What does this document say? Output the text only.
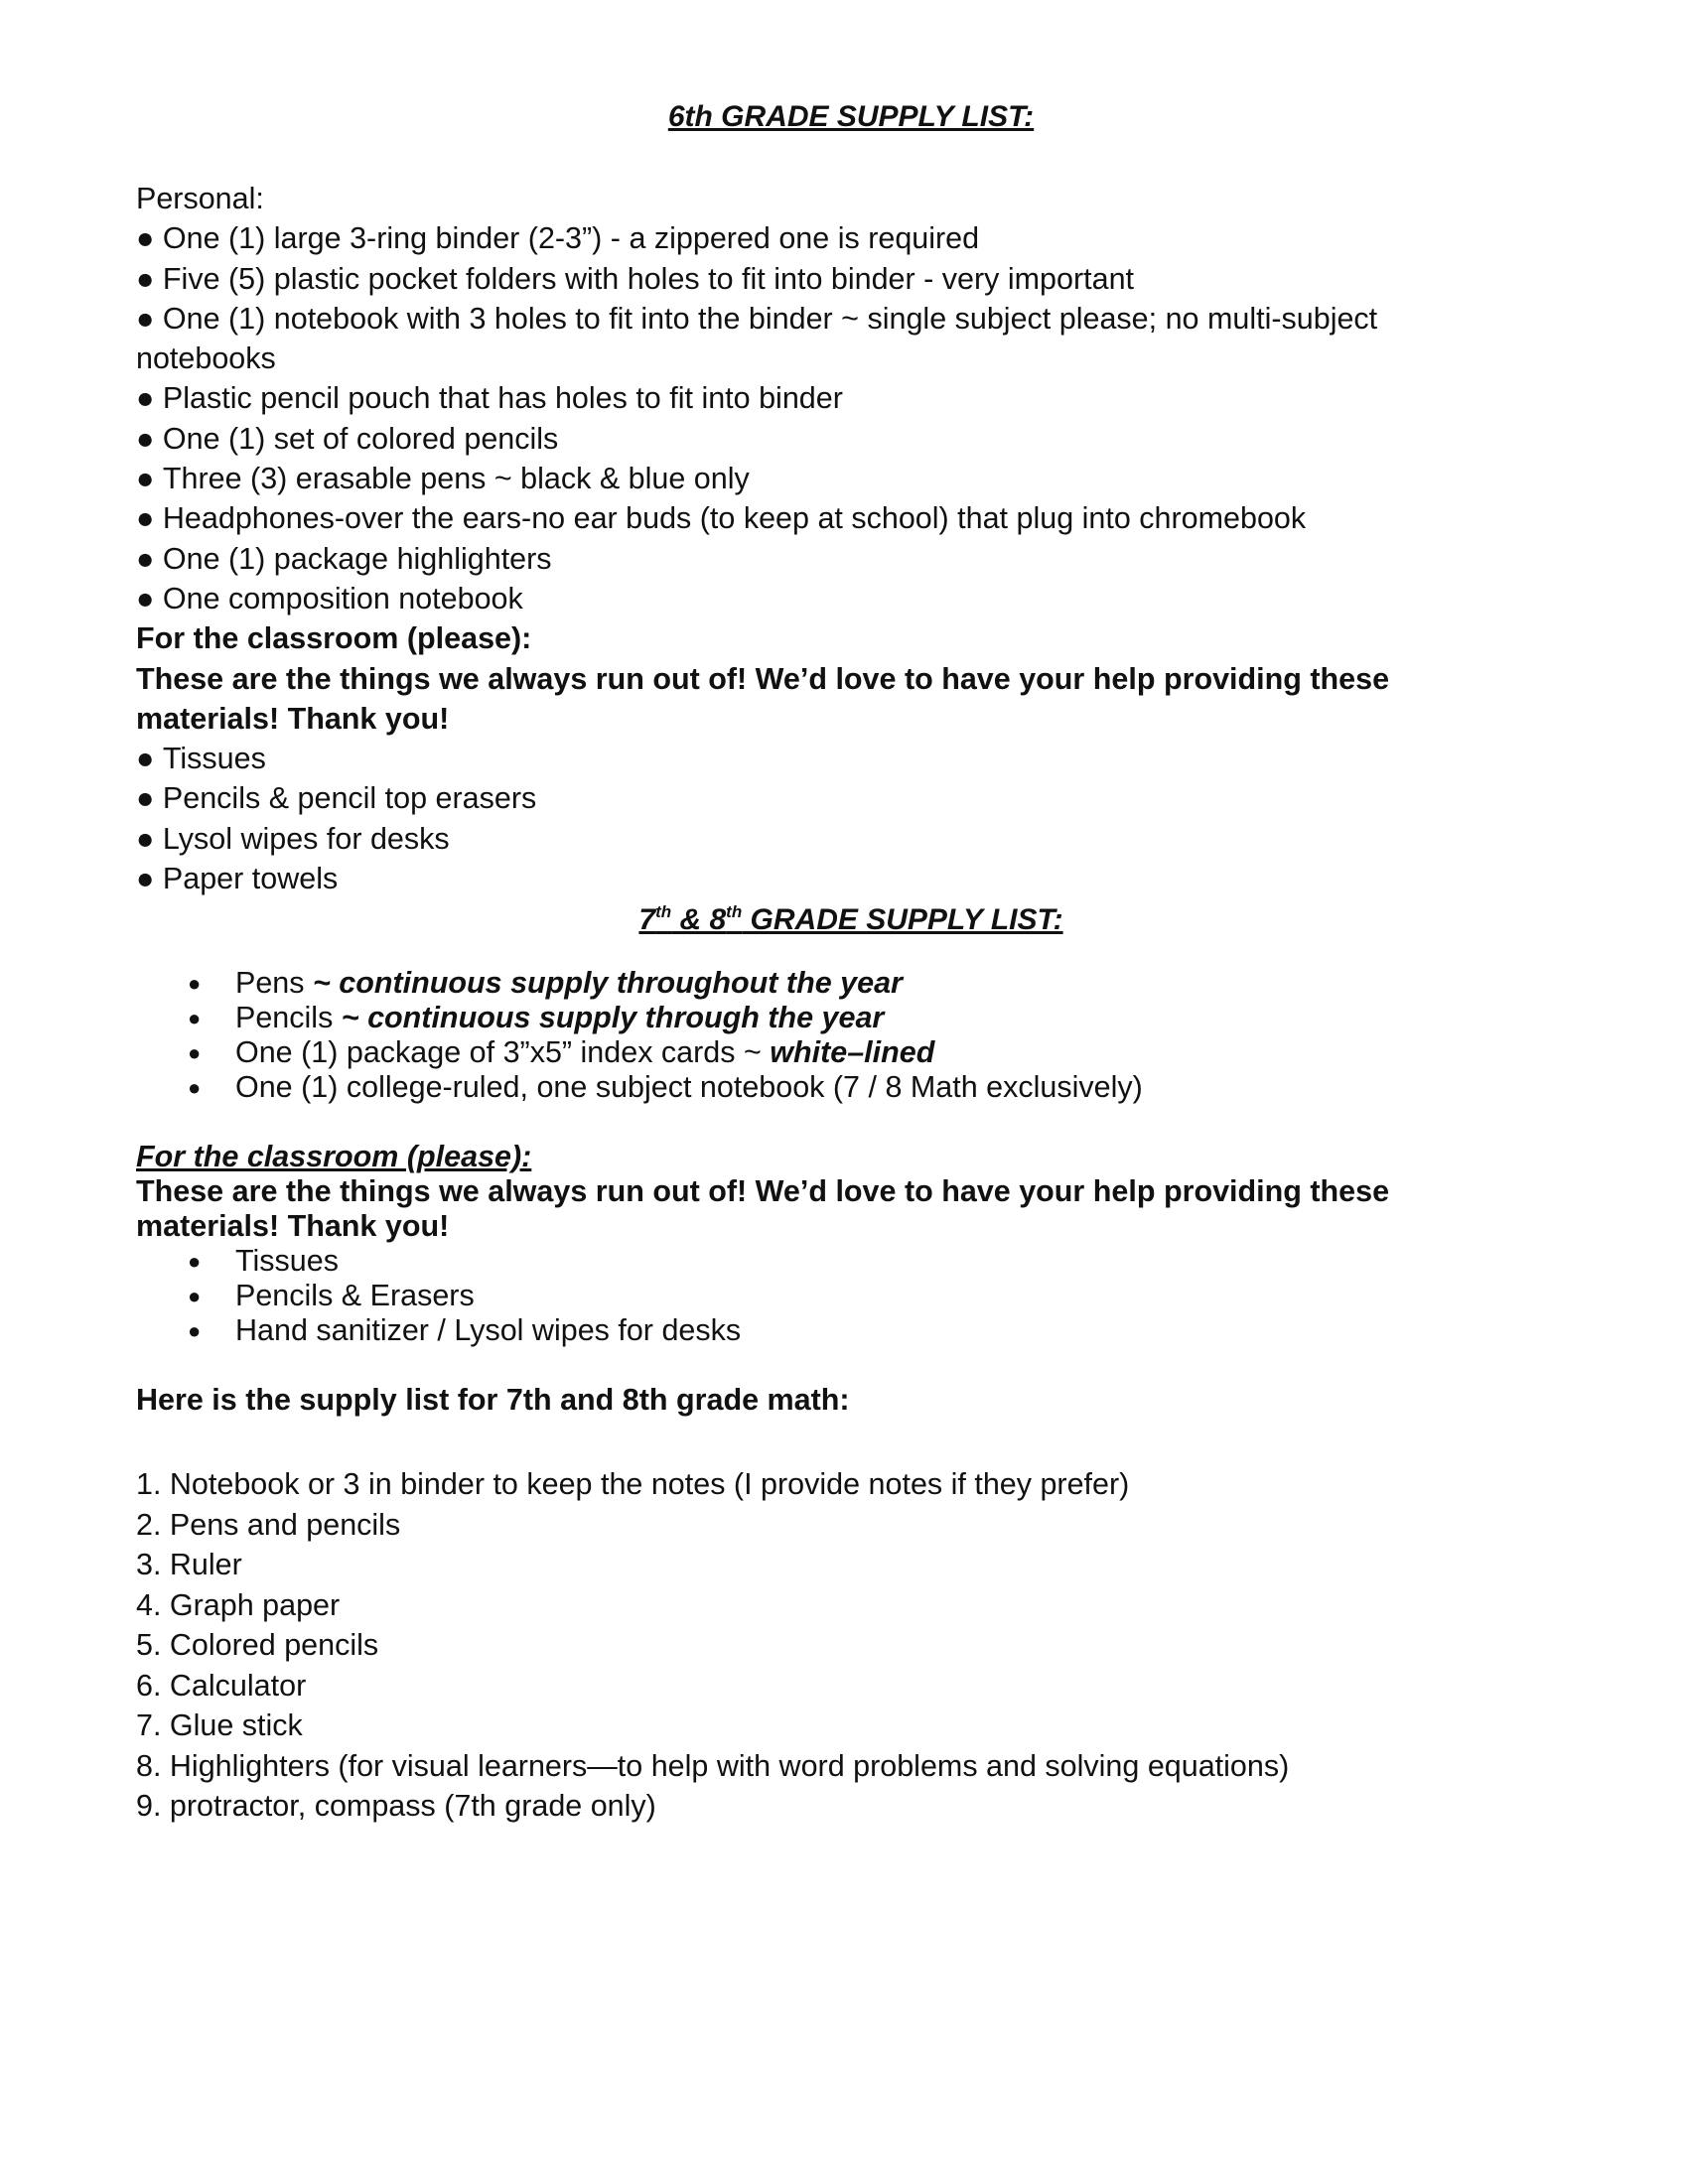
6th GRADE SUPPLY LIST:

Personal:

● One (1) large 3-ring binder (2-3”) - a zippered one is required

● Five (5) plastic pocket folders with holes to fit into binder - very important

● One (1) notebook with 3 holes to fit into the binder ~ single subject please; no multi-subject

notebooks

● Plastic pencil pouch that has holes to fit into binder

● One (1) set of colored pencils

● Three (3) erasable pens ~ black & blue only

● Headphones-over the ears-no ear buds (to keep at school) that plug into chromebook

● One (1) package highlighters

● One composition notebook

For the classroom (please):

These are the things we always run out of! We’d love to have your help providing these

materials! Thank you!

● Tissues

● Pencils & pencil top erasers

● Lysol wipes for desks

● Paper towels

7th & 8th GRADE SUPPLY LIST:
● Pens ~ continuous supply throughout the year
● Pencils ~ continuous supply through the year
● One (1) package of 3”x5” index cards ~ white–lined
● One (1) college-ruled, one subject notebook (7 / 8 Math exclusively)

For the classroom (please):

These are the things we always run out of! We’d love to have your help providing these

materials! Thank you!

● Tissues
● Pencils & Erasers
● Hand sanitizer / Lysol wipes for desks

Here is the supply list for 7th and 8th grade math:

1. Notebook or 3 in binder to keep the notes (I provide notes if they prefer)

2. Pens and pencils

3. Ruler

4. Graph paper

5. Colored pencils

6. Calculator

7. Glue stick

8. Highlighters (for visual learners—to help with word problems and solving equations)

9. protractor, compass (7th grade only)
